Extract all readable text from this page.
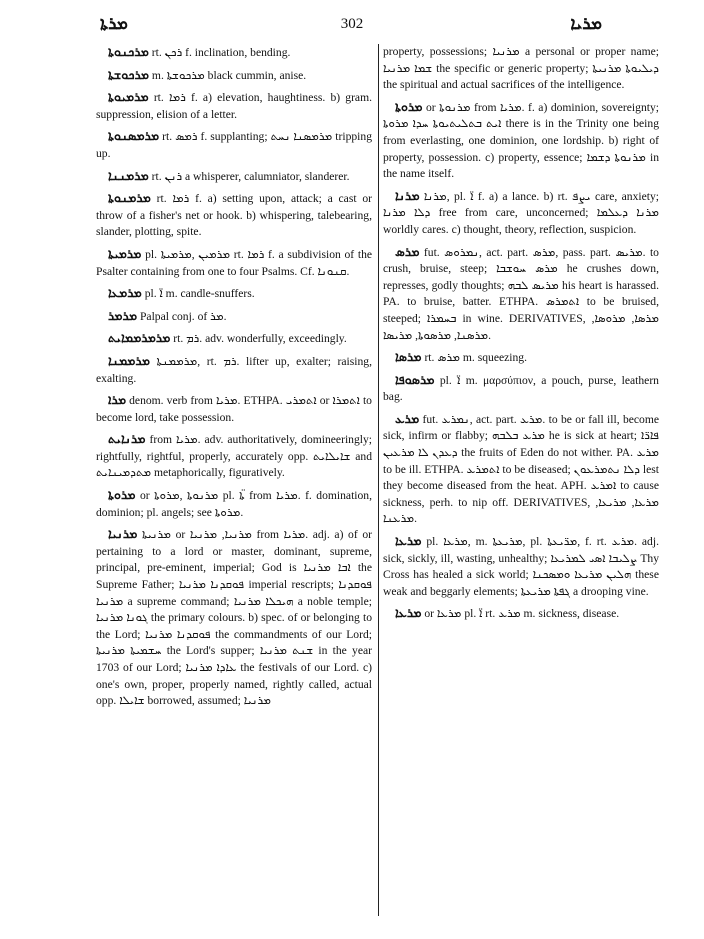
ܡܪܬܐ	302	ܡܪܝܐ

ܡܪܟܢܘܬܐ rt. ܪܟܢ f. inclination, bending.

ܡܪܟܘܫܬܐ m. ܡܪܟܘܫܬܐ black cummin, anise.

ܡܪܡܝܘܬܐ rt. ܪܡܐ f. a) elevation, haughtiness. b) gram. suppression, elision of a letter.

ܡܪܡܣܢܘܬܐ rt. ܪܡܣ f. supplanting; ܡܪܡܣܢܐ ܢܚܬ tripping up.

ܡܪܡܢܢܐ rt. ܪܢܢ a whisperer, calumniator, slanderer.

ܡܪܡܢܘܬܐ rt. ܪܡܐ f. a) setting upon, attack; a cast or throw of a fisher's net or hook. b) whispering, talebearing, slander, plotting, spite.

ܡܪܡܝܬܐ pl. ܡܪܡܝܢ ,ܡܪܡܝܬܐ rt. ܪܡܐ f. a subdivision of the Psalter containing from one to four Psalms. Cf. ܩܢܘܢܐ.

ܡܪܡܥܐ pl. ܐ̈ m. candle-snuffers.

ܡܪܡܪ Palpal conj. of ܡܪ.

ܡܪܡܪܡܡܐܝܬ rt. ܪܡ. adv. wonderfully, exceedingly.

ܡܪܡܡܢܐ ܡܪܡܡܢܬܐ, rt. ܪܡ. lifter up, exalter; raising, exalting.

ܡܪܐ denom. verb from ܡܪܝܐ. ETHPA. ܐܬܡܪܝ or ܐܬܡܪܐ to become lord, take possession.

ܡܪܢܐܝܬ from ܡܪܝܐ. adv. authoritatively, domineeringly; rightfully, rightful, properly, accurately opp. ܫܐܝܠܐܝܬ and ܡܬܕܡܝܢܐܝܬ metaphorically, figuratively.

ܡܪܘܬܐ or ܡܪܢܘܬܐ ,ܡܪܘܬܐ pl. ܬܐ̈ from ܡܪܝܐ. f. domination, dominion; pl. angels; see ܡܪܘܬܐ.

ܡܪܢܝܐ ܡܪܢܝܬܐ or ܡܪܢܝܐ, ܡܪܢܝܐ from ܡܪܝܐ. adj. a) of or pertaining to a lord or master, dominant, supreme, principal, pre-eminent, imperial; God is ܐܒܐ ܡܪܢܝܐ the Supreme Father; ܦܘܩܕܢܐ ܡܪܢܝܐ imperial rescripts; ܦܘܩܕܢܐ ܡܪܢܝܐ a supreme command; ܗܝܟܠܐ ܡܪܢܝܐ a noble temple; ܓܘܢܐ ܡܪܢܝܐ the primary colours. b) spec. of or belonging to the Lord; ܦܘܩܕܢܐ ܡܪܢܝܐ the commandments of our Lord; ܚܫܡܝܬܐ ܡܪܢܝܬܐ the Lord's supper; ܫܢܬ ܡܪܢܝܐ in the year 1703 of our Lord; ܥܐܕܐ ܡܪܢܝܐ the festivals of our Lord. c) one's own, proper, properly named, rightly called, actual opp. ܫܐܝܠܐ borrowed, assumed; ܡܪܢܝܐ

property, possessions; ܡܪܢܝܐ a personal or proper name; ܫܡܐ ܡܪܢܝܐ the specific or generic property; ܕܝܠܝܘܬܐ ܡܪܢܝܬܐ the spiritual and actual sacrifices of the intelligence.

ܡܪܘܬܐ or ܡܪܢܘܬܐ from ܡܪܝܐ. f. a) dominion, sovereignty; ܐܝܬ ܒܬܠܝܬܝܘܬܐ ܚܕܐ ܡܪܘܬܐ there is in the Trinity one being from everlasting, one dominion, one lordship. b) right of property, possession. c) property, essence; ܡܪܢܘܬܐ ܕܫܡܐ in the name itself.

ܡܪܢܐ ܡܪܢܐ, pl. ܐ̈ f. a) a lance. b) rt. ܝܨܦ care, anxiety; ܕܠܐ ܡܪܢܐ free from care, unconcerned; ܡܪܢܐ ܕܥܠܡܐ worldly cares. c) thought, theory, reflection, suspicion.

ܡܪܣ fut. ܢܡܪܘܣ, act. part. ܡܪܣ, pass. part. ܡܪܝܣ. to crush, bruise, steep; ܡܪܣ ܚܘܫܒܐ he crushes down, represses, godly thoughts; ܡܪܝܣ ܠܒܗ his heart is harassed. PA. to bruise, batter. ETHPA. ܐܬܡܪܣ to be bruised, steeped; ܒܚܡܪܐ in wine. DERIVATIVES, ܡܪܣܐ, ܡܪܘܣܐ, ܡܪܣܢܐ, ܡܪܣܘܬܐ, ܡܪܝܣܐ.

ܡܪܣܐ rt. ܡܪܣ m. squeezing.

ܡܪܣܘܦܐ pl. ܐ̈ m. μαρσύπιον, a pouch, purse, leathern bag.

ܡܪܥ fut. ܢܡܪܥ, act. part. ܡܪܥ. to be or fall ill, become sick, infirm or flabby; ܡܪܥ ܒܠܒܗ he is sick at heart; ܦܐܪ̈ܐ ܕܥܕܢ ܠܐ ܡܪܥܝܢ the fruits of Eden do not wither. PA. ܡܪܥ to be ill. ETHPA. ܐܬܡܪܥ to be diseased; ܕܠܐ ܢܬܡܪܥܘܢ lest they become diseased from the heat. APH. ܐܡܪܥ to cause sickness, perh. to nip off. DERIVATIVES, ܡܪܥܐ, ܡܪܝܥܐ, ܡܪܥܢܐ.

ܡܪܥܐ pl. ܡܪܥܐ, m. ܡܪܝܥܬܐ, pl. ܡܪ̈ܝܥܬܐ, f. rt. ܡܪܥ. adj. sick, sickly, ill, wasting, unhealthy; ܨܠܝܒܐ ܐܣܝ ܠܡܪܝܥܐ Thy Cross has healed a sick world; ܗܠܝܢ ܡܪܝܥܐ ܘܡܣܟܢܐ these weak and beggarly elements; ܓܦܬܐ ܡܪܝܥܬܐ a drooping vine.

ܡܪܥܐ or ܡܪܥܐ pl. ܐ̈ rt. ܡܪܥ m. sickness, disease.
